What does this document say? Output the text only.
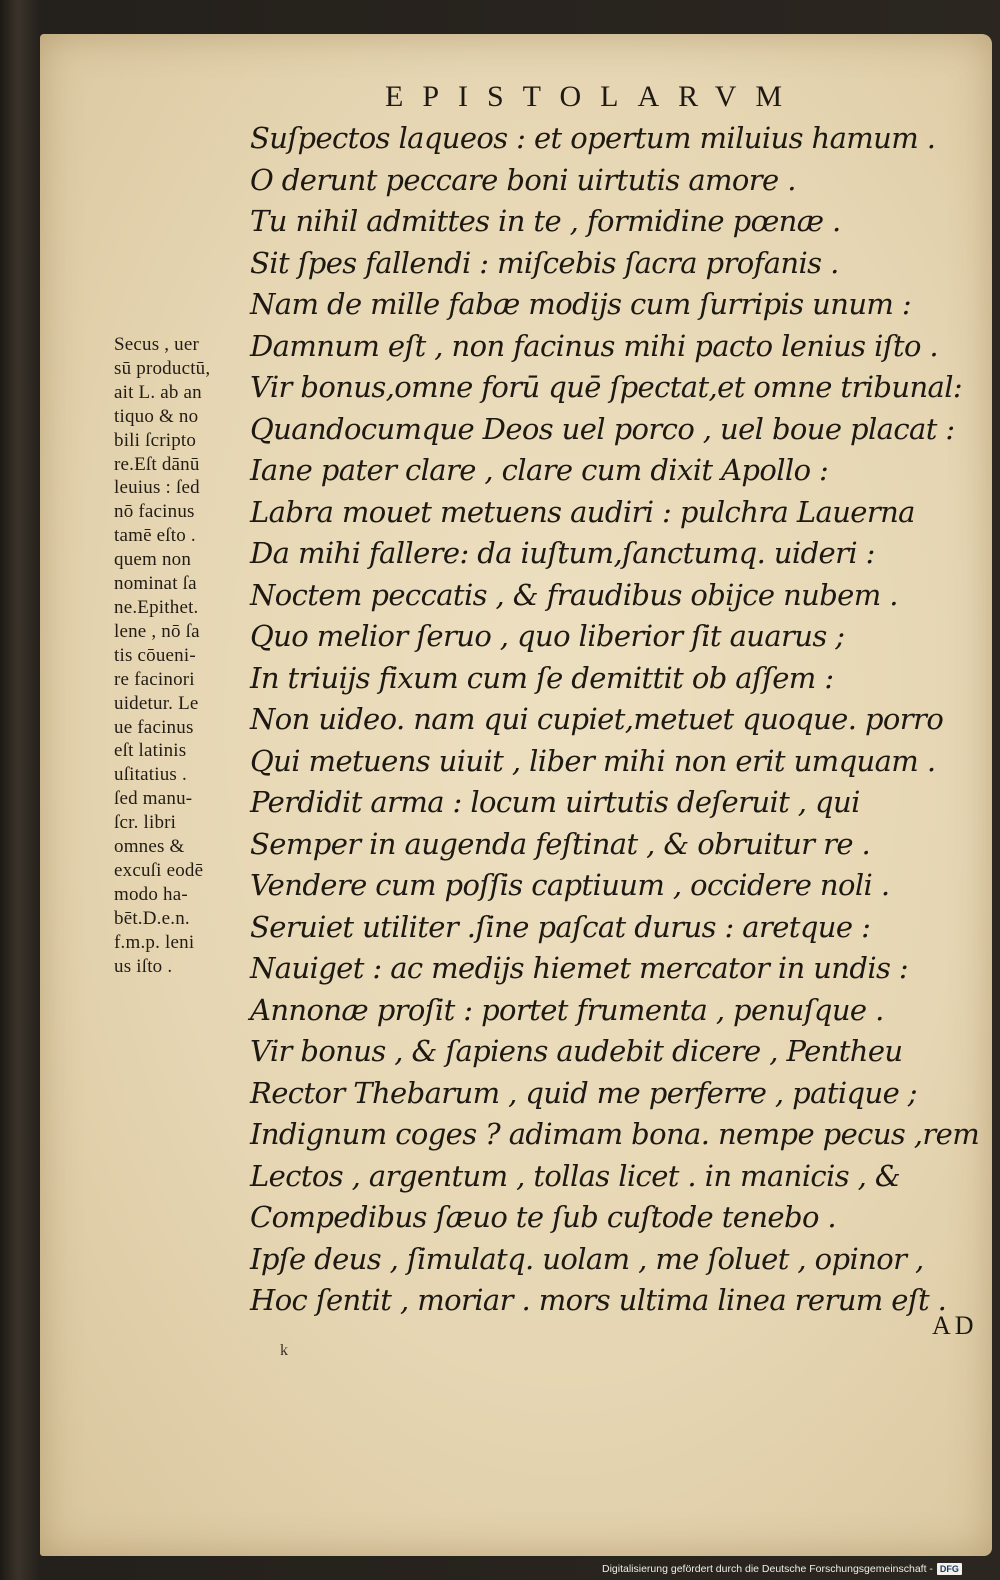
EPISTOLARVM
Suſpectos laqueos : et opertum miluius hamum .
O derunt peccare boni uirtutis amore .
Tu nihil admittes in te , formidine pœnæ .
Sit ſpes fallendi : miſcebis ſacra profanis .
Nam de mille fabæ modijs cum ſurripis unum :
Damnum eſt , non facinus mihi pacto lenius iſto .
Vir bonus,omne forū quē ſpectat,et omne tribunal:
Quandocumque Deos uel porco , uel boue placat :
Iane pater clare , clare cum dixit Apollo :
Labra mouet metuens audiri : pulchra Lauerna
Da mihi fallere: da iuſtum,ſanctumq. uideri :
Noctem peccatis , & fraudibus obijce nubem .
Quo melior ſeruo , quo liberior ſit auarus ;
In triuijs fixum cum ſe demittit ob aſſem :
Non uideo. nam qui cupiet,metuet quoque. porro
Qui metuens uiuit , liber mihi non erit umquam .
Perdidit arma : locum uirtutis deſeruit , qui
Semper in augenda feſtinat , & obruitur re .
Vendere cum poſſis captiuum , occidere noli .
Seruiet utiliter .ſine paſcat durus : aretque :
Nauiget : ac medijs hiemet mercator in undis :
Annonæ proſit : portet frumenta , penuſque .
Vir bonus , & ſapiens audebit dicere , Pentheu
Rector Thebarum , quid me perferre , patique ;
Indignum coges ? adimam bona. nempe pecus ,rem
Lectos , argentum , tollas licet . in manicis , &
Compedibus ſæuo te ſub cuſtode tenebo .
Ipſe deus , ſimulatq. uolam , me ſoluet , opinor ,
Hoc ſentit , moriar . mors ultima linea rerum eſt .
Secus , uer
sū productū,
ait L. ab an
tiquo & no
bili ſcripto
re.Eſt dānū
leuius : ſed
nō facinus
tamē eſto .
quem non
nominat ſa
ne.Epithet.
lene , nō ſa
tis cōueni-
re facinori
uidetur. Le
ue facinus
eſt latinis
uſitatius .
ſed manu-
ſcr. libri
omnes &
excuſi eodē
modo ha-
bēt.D.e.n.
f.m.p. leni
us iſto .
AD
k
Digitalisierung gefördert durch die Deutsche Forschungsgemeinschaft - DFG
